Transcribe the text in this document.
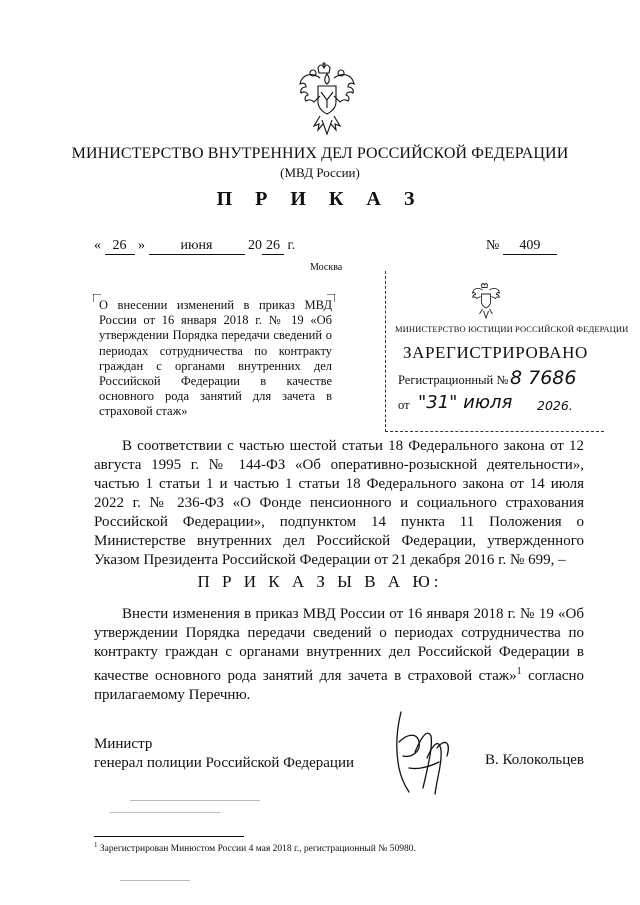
МИНИСТЕРСТВО ВНУТРЕННИХ ДЕЛ РОССИЙСКОЙ ФЕДЕРАЦИИ
(МВД России)
П Р И К А З
« 26 »	июня	20 26 г.	№ 409
Москва
О внесении изменений в приказ МВД России от 16 января 2018 г. № 19 «Об утверждении Порядка передачи сведений о периодах сотрудничества по контракту граждан с органами внутренних дел Российской Федерации в качестве основного рода занятий для зачета в страховой стаж»
МИНИСТЕРСТВО ЮСТИЦИИ РОССИЙСКОЙ ФЕДЕРАЦИИ
ЗАРЕГИСТРИРОВАНО
Регистрационный № 8 7686
от "31" июля 2026.
В соответствии с частью шестой статьи 18 Федерального закона от 12 августа 1995 г. № 144-ФЗ «Об оперативно-розыскной деятельности», частью 1 статьи 1 и частью 1 статьи 18 Федерального закона от 14 июля 2022 г. № 236-ФЗ «О Фонде пенсионного и социального страхования Российской Федерации», подпунктом 14 пункта 11 Положения о Министерстве внутренних дел Российской Федерации, утвержденного Указом Президента Российской Федерации от 21 декабря 2016 г. № 699, –
П Р И К А З Ы В А Ю:
Внести изменения в приказ МВД России от 16 января 2018 г. № 19 «Об утверждении Порядка передачи сведений о периодах сотрудничества по контракту граждан с органами внутренних дел Российской Федерации в качестве основного рода занятий для зачета в страховой стаж»$^1$ согласно прилагаемому Перечню.
Министр
генерал полиции Российской Федерации	В. Колокольцев
$^1$ Зарегистрирован Минюстом России 4 мая 2018 г., регистрационный № 50980.
